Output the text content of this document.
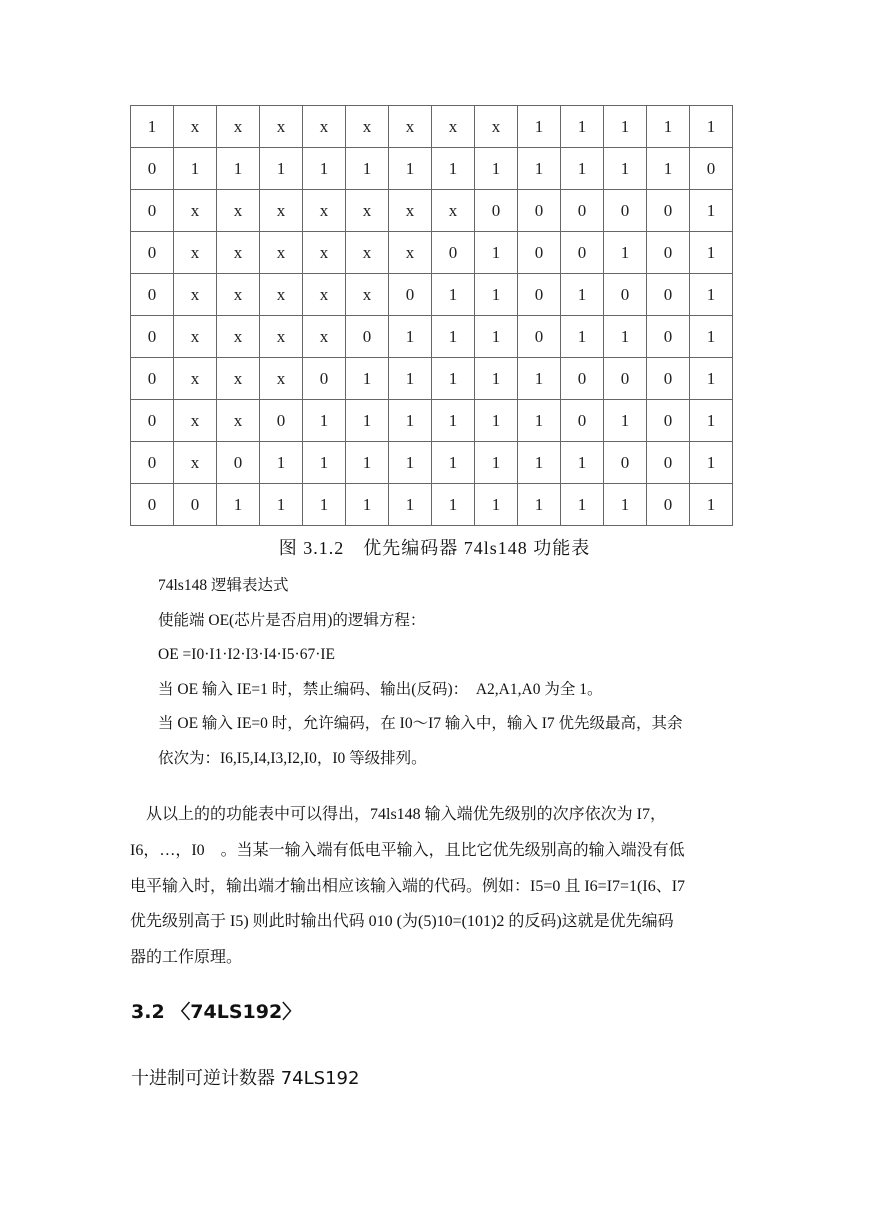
1	x	x	x	x	x	x	x	x	1	1	1	1	1
0	1	1	1	1	1	1	1	1	1	1	1	1	0
0	x	x	x	x	x	x	x	0	0	0	0	0	1
0	x	x	x	x	x	x	0	1	0	0	1	0	1
0	x	x	x	x	x	0	1	1	0	1	0	0	1
0	x	x	x	x	0	1	1	1	0	1	1	0	1
0	x	x	x	0	1	1	1	1	1	0	0	0	1
0	x	x	0	1	1	1	1	1	1	0	1	0	1
0	x	0	1	1	1	1	1	1	1	1	0	0	1
0	0	1	1	1	1	1	1	1	1	1	1	0	1
图 3.1.2　优先编码器 74ls148 功能表
74ls148 逻辑表达式
使能端 OE(芯片是否启用)的逻辑方程：
OE =I0·I1·I2·I3·I4·I5·67·IE
当 OE 输入 IE=1 时，禁止编码、输出(反码)：　A2,A1,A0 为全 1。
当 OE 输入 IE=0 时，允许编码，在 I0～I7 输入中，输入 I7 优先级最高，其余
依次为：I6,I5,I4,I3,I2,I0，I0 等级排列。
　从以上的的功能表中可以得出，74ls148 输入端优先级别的次序依次为 I7，
I6，…，I0　。当某一输入端有低电平输入，且比它优先级别高的输入端没有低
电平输入时，输出端才输出相应该输入端的代码。例如：I5=0 且 I6=I7=1(I6、I7
优先级别高于 I5) 则此时输出代码 010 (为(5)10=(101)2 的反码)这就是优先编码
器的工作原理。
3.2 〈74LS192〉
十进制可逆计数器 74LS192
